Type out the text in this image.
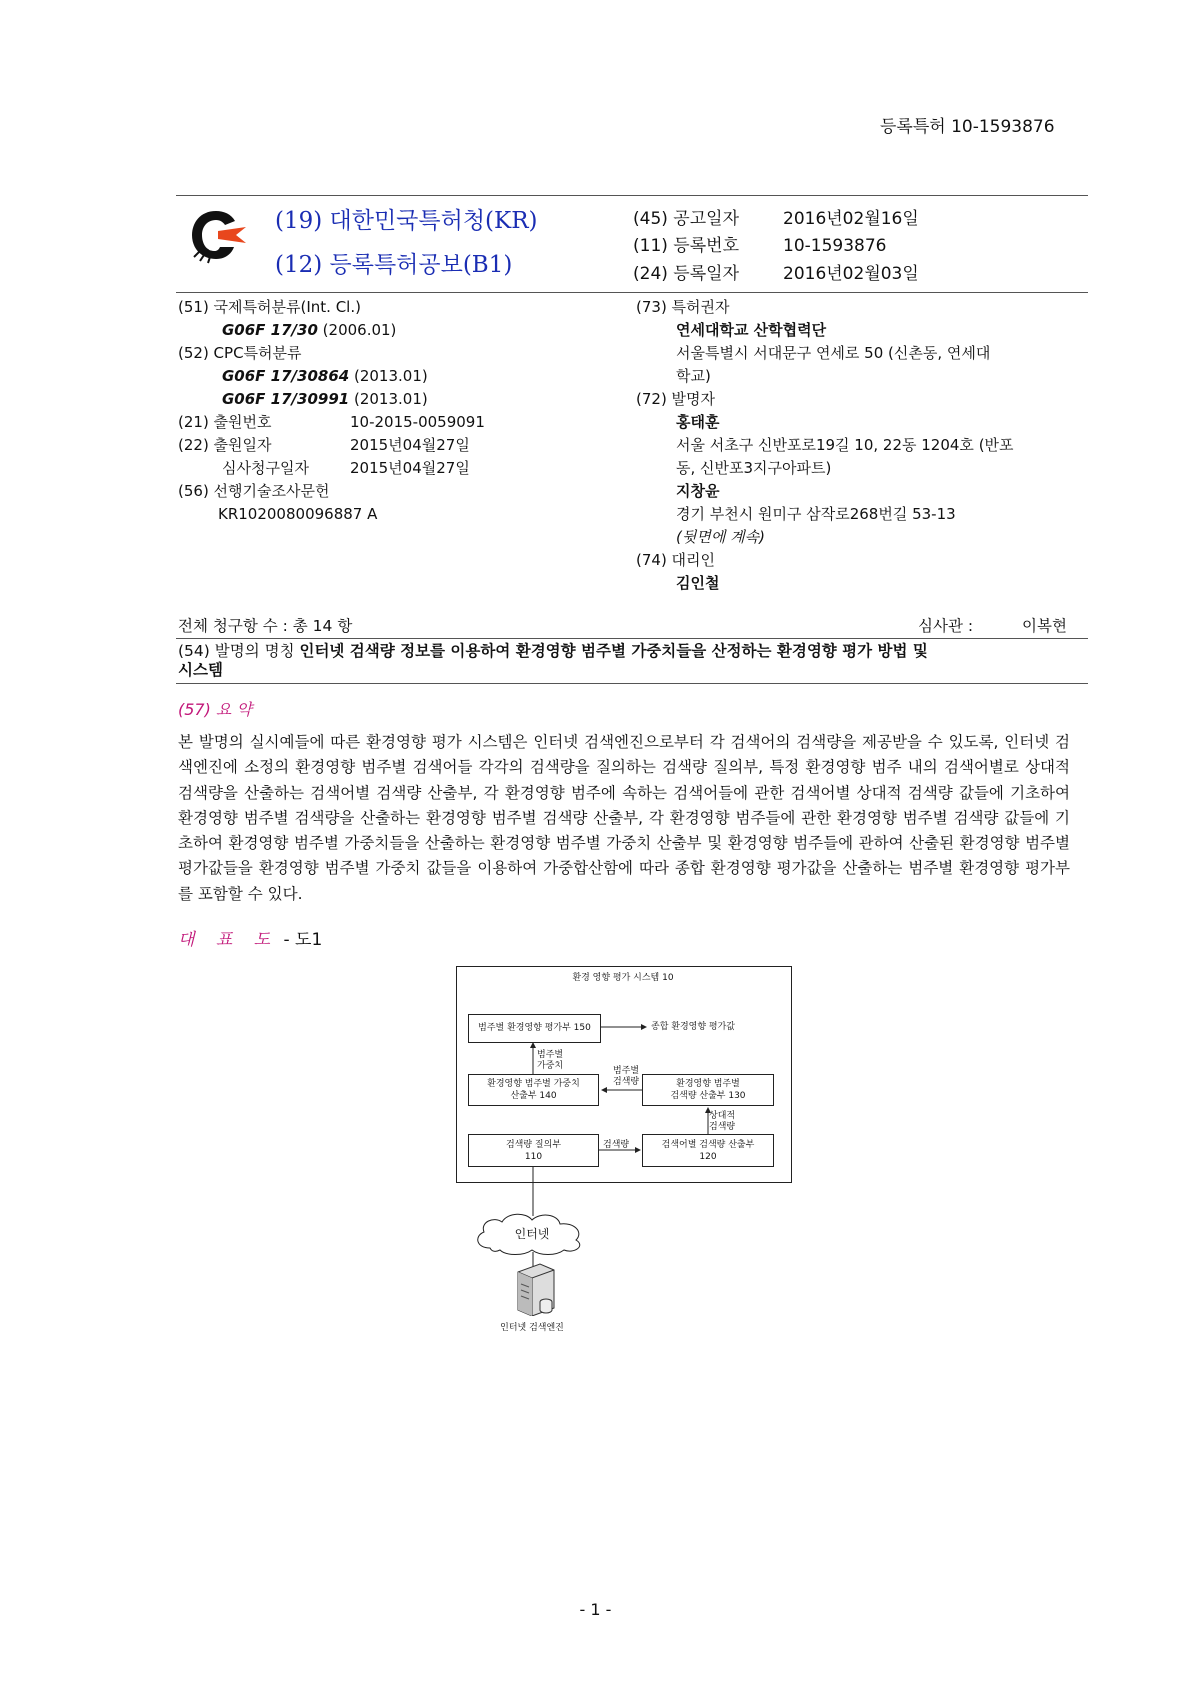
등록특허 10-1593876
(19) 대한민국특허청(KR)
(12) 등록특허공보(B1)
(45) 공고일자	2016년02월16일
(11) 등록번호	10-1593876
(24) 등록일자	2016년02월03일
(51) 국제특허분류(Int. Cl.)
G06F 17/30 (2006.01)
(52) CPC특허분류
G06F 17/30864 (2013.01)
G06F 17/30991 (2013.01)
(21) 출원번호	10-2015-0059091
(22) 출원일자	2015년04월27일
심사청구일자	2015년04월27일
(56) 선행기술조사문헌
KR1020080096887 A
(73) 특허권자
연세대학교 산학협력단
서울특별시 서대문구 연세로 50 (신촌동, 연세대
학교)
(72) 발명자
홍태훈
서울 서초구 신반포로19길 10, 22동 1204호 (반포
동, 신반포3지구아파트)
지창윤
경기 부천시 원미구 삼작로268번길 53-13
(뒷면에 계속)
(74) 대리인
김인철
전체 청구항 수 : 총 14 항	심사관 :	이복현
(54) 발명의 명칭 인터넷 검색량 정보를 이용하여 환경영향 범주별 가중치들을 산정하는 환경영향 평가 방법 및
시스템
(57) 요 약
본 발명의 실시예들에 따른 환경영향 평가 시스템은 인터넷 검색엔진으로부터 각 검색어의 검색량을 제공받을 수 있도록, 인터넷 검색엔진에 소정의 환경영향 범주별 검색어들 각각의 검색량을 질의하는 검색량 질의부, 특정 환경영향 범주 내의 검색어별로 상대적 검색량을 산출하는 검색어별 검색량 산출부, 각 환경영향 범주에 속하는 검색어들에 관한 검색어별 상대적 검색량 값들에 기초하여 환경영향 범주별 검색량을 산출하는 환경영향 범주별 검색량 산출부, 각 환경영향 범주들에 관한 환경영향 범주별 검색량 값들에 기초하여 환경영향 범주별 가중치들을 산출하는 환경영향 범주별 가중치 산출부 및 환경영향 범주들에 관하여 산출된 환경영향 범주별 평가값들을 환경영향 범주별 가중치 값들을 이용하여 가중합산함에 따라 종합 환경영향 평가값을 산출하는 범주별 환경영향 평가부를 포함할 수 있다.
대 표 도 - 도1
환경 영향 평가 시스템 10
범주별 환경영향 평가부 150	종합 환경영향 평가값
환경영향 범주별 가중치
산출부 140
환경영향 범주별
검색량 산출부 130
검색량 질의부
110
검색어별 검색량 산출부
120
범주별
가중치	범주별
검색량
상대적
검색량
검색량
인터넷
인터넷 검색엔진
- 1 -
